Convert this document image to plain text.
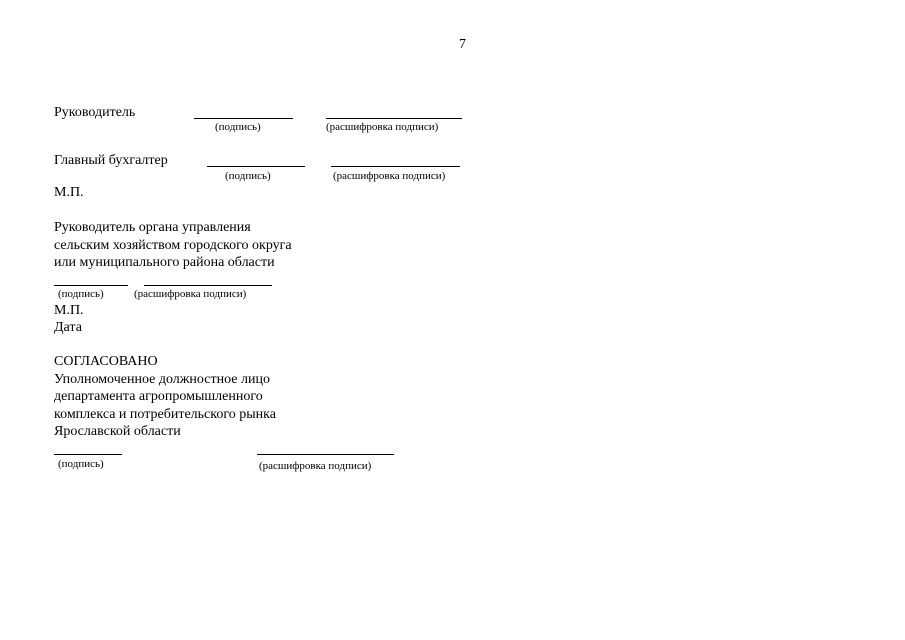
7
Руководитель
(подпись)	(расшифровка подписи)
Главный бухгалтер
(подпись)	(расшифровка подписи)
М.П.
Руководитель органа управления
сельским хозяйством городского округа
или муниципального района области
(подпись)	(расшифровка подписи)
М.П.
Дата
СОГЛАСОВАНО
Уполномоченное должностное лицо
департамента агропромышленного
комплекса и потребительского рынка
Ярославской области
(подпись)	(расшифровка подписи)
